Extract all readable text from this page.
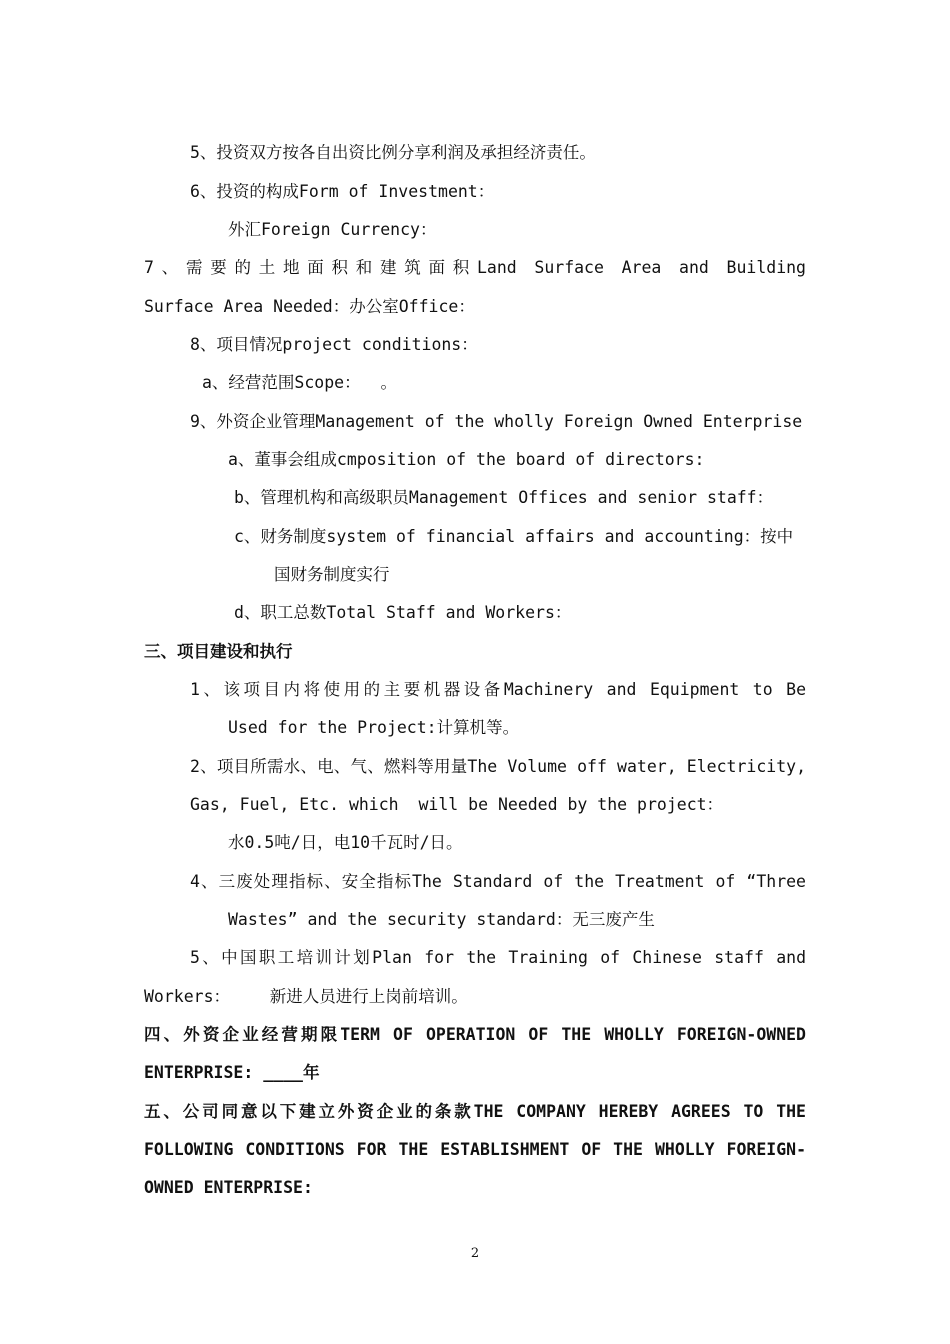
5、投资双方按各自出资比例分享利润及承担经济责任。
6、投资的构成Form of Investment：
外汇Foreign Currency：
7、需要的土地面积和建筑面积Land Surface Area and Building
Surface Area Needed：办公室Office：
8、项目情况project conditions：
a、经营范围Scope：  。
9、外资企业管理Management of the wholly Foreign Owned Enterprise
a、董事会组成cmposition of the board of directors:
b、管理机构和高级职员Management Offices and senior staff：
c、财务制度system of financial affairs and accounting：按中
国财务制度实行
d、职工总数Total Staff and Workers：
三、项目建设和执行
1、该项目内将使用的主要机器设备Machinery and Equipment to Be
Used for the Project:计算机等。
2、项目所需水、电、气、燃料等用量The Volume off water, Electricity,
Gas, Fuel, Etc. which  will be Needed by the project：
水0.5吨/日，电10千瓦时/日。
4、三废处理指标、安全指标The Standard of the Treatment of “Three
Wastes” and the security standard：无三废产生
5、中国职工培训计划Plan for the Training of Chinese staff and
Workers：    新进人员进行上岗前培训。
四、外资企业经营期限TERM OF OPERATION OF THE WHOLLY FOREIGN-OWNED
ENTERPRISE: ____年
五、公司同意以下建立外资企业的条款THE COMPANY HEREBY AGREES TO THE
FOLLOWING CONDITIONS FOR THE ESTABLISHMENT OF THE WHOLLY FOREIGN-
OWNED ENTERPRISE:
2
